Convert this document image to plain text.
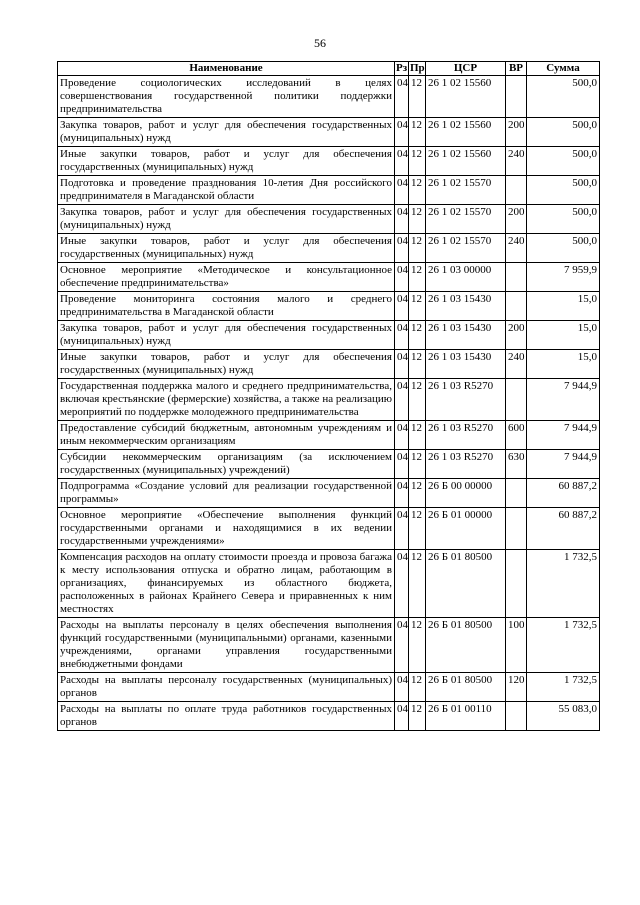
56
Наименование	Рз	Пр	ЦСР	ВР	Сумма
Проведение социологических исследований в целях совершенствования государственной политики поддержки предпринимательства	04	12	26 1 02 15560		500,0
Закупка товаров, работ и услуг для обеспечения государственных (муниципальных) нужд	04	12	26 1 02 15560	200	500,0
Иные закупки товаров, работ и услуг для обеспечения государственных (муниципальных) нужд	04	12	26 1 02 15560	240	500,0
Подготовка и проведение празднования 10-летия Дня российского предпринимателя в Магаданской области	04	12	26 1 02 15570		500,0
Закупка товаров, работ и услуг для обеспечения государственных (муниципальных) нужд	04	12	26 1 02 15570	200	500,0
Иные закупки товаров, работ и услуг для обеспечения государственных (муниципальных) нужд	04	12	26 1 02 15570	240	500,0
Основное мероприятие «Методическое и консультационное обеспечение предпринимательства»	04	12	26 1 03 00000		7 959,9
Проведение мониторинга состояния малого и среднего предпринимательства в Магаданской области	04	12	26 1 03 15430		15,0
Закупка товаров, работ и услуг для обеспечения государственных (муниципальных) нужд	04	12	26 1 03 15430	200	15,0
Иные закупки товаров, работ и услуг для обеспечения государственных (муниципальных) нужд	04	12	26 1 03 15430	240	15,0
Государственная поддержка малого и среднего предпринимательства, включая крестьянские (фермерские) хозяйства, а также на реализацию мероприятий по поддержке молодежного предпринимательства	04	12	26 1 03 R5270		7 944,9
Предоставление субсидий бюджетным, автономным учреждениям и иным некоммерческим организациям	04	12	26 1 03 R5270	600	7 944,9
Субсидии некоммерческим организациям (за исключением государственных (муниципальных) учреждений)	04	12	26 1 03 R5270	630	7 944,9
Подпрограмма «Создание условий для реализации государственной программы»	04	12	26 Б 00 00000		60 887,2
Основное мероприятие «Обеспечение выполнения функций государственными органами и находящимися в их ведении государственными учреждениями»	04	12	26 Б 01 00000		60 887,2
Компенсация расходов на оплату стоимости проезда и провоза багажа к месту использования отпуска и обратно лицам, работающим в организациях, финансируемых из областного бюджета, расположенных в районах Крайнего Севера и приравненных к ним местностях	04	12	26 Б 01 80500		1 732,5
Расходы на выплаты персоналу в целях обеспечения выполнения функций государственными (муниципальными) органами, казенными учреждениями, органами управления государственными внебюджетными фондами	04	12	26 Б 01 80500	100	1 732,5
Расходы на выплаты персоналу государственных (муниципальных) органов	04	12	26 Б 01 80500	120	1 732,5
Расходы на выплаты по оплате труда работников государственных органов	04	12	26 Б 01 00110		55 083,0
